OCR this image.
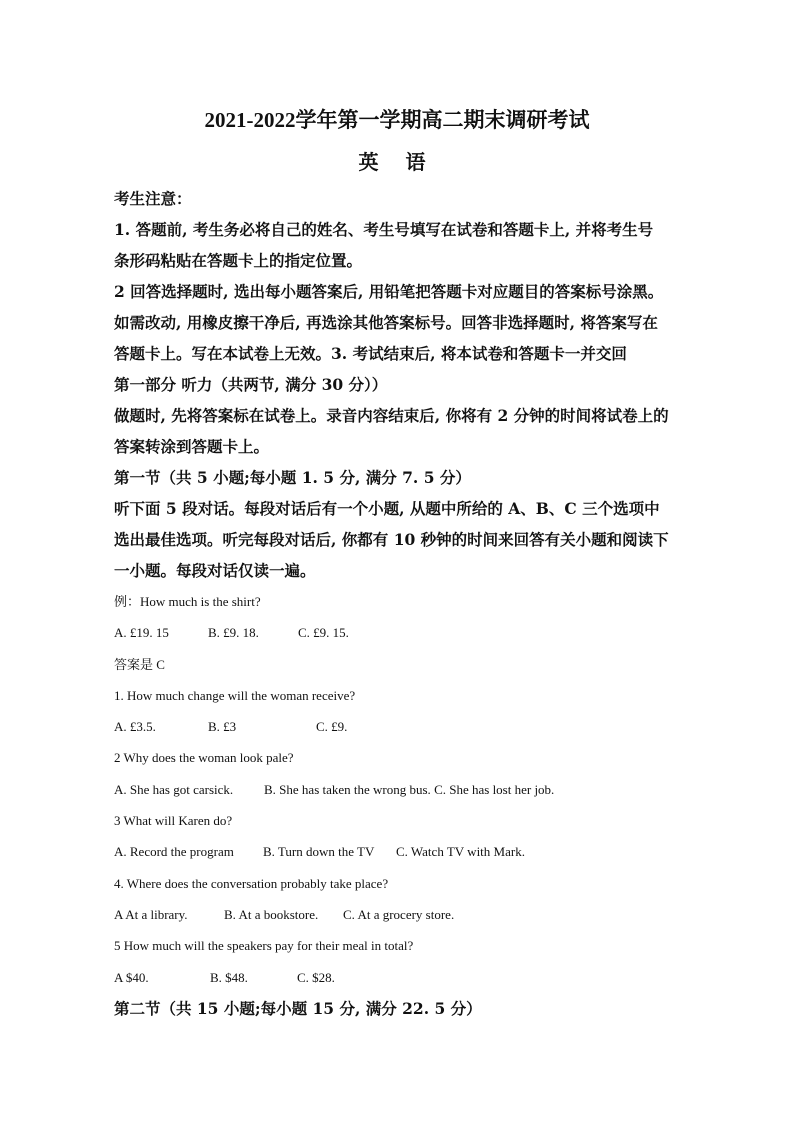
2021-2022学年第一学期高二期末调研考试
英 语

考生注意：

1. 答题前, 考生务必将自己的姓名、考生号填写在试卷和答题卡上, 并将考生号

条形码粘贴在答题卡上的指定位置。

2 回答选择题时, 选出每小题答案后, 用铅笔把答题卡对应题目的答案标号涂黑。

如需改动, 用橡皮擦干净后, 再选涂其他答案标号。回答非选择题时, 将答案写在

答题卡上。写在本试卷上无效。3. 考试结束后, 将本试卷和答题卡一并交回

第一部分 听力（共两节, 满分 30 分））

做题时, 先将答案标在试卷上。录音内容结束后, 你将有 2 分钟的时间将试卷上的

答案转涂到答题卡上。

第一节（共 5 小题;每小题 1. 5 分, 满分 7. 5 分）

听下面 5 段对话。每段对话后有一个小题, 从题中所给的 A、B、C 三个选项中

选出最佳选项。听完每段对话后, 你都有 10 秒钟的时间来回答有关小题和阅读下

一小题。每段对话仅读一遍。

例：How much is the shirt?

A. £19. 15	B. £9. 18.	C. £9. 15.

答案是 C

1. How much change will the woman receive?

A. £3.5.	B. £3	C. £9.

2 Why does the woman look pale?

A. She has got carsick. B. She has taken the wrong bus. C. She has lost her job.

3 What will Karen do?

A. Record the program B. Turn down the TV C. Watch TV with Mark.

4. Where does the conversation probably take place?

A At a library.	B. At a bookstore. C. At a grocery store.

5 How much will the speakers pay for their meal in total?

A $40.	B. $48.	C. $28.

第二节（共 15 小题;每小题 15 分, 满分 22. 5 分）
